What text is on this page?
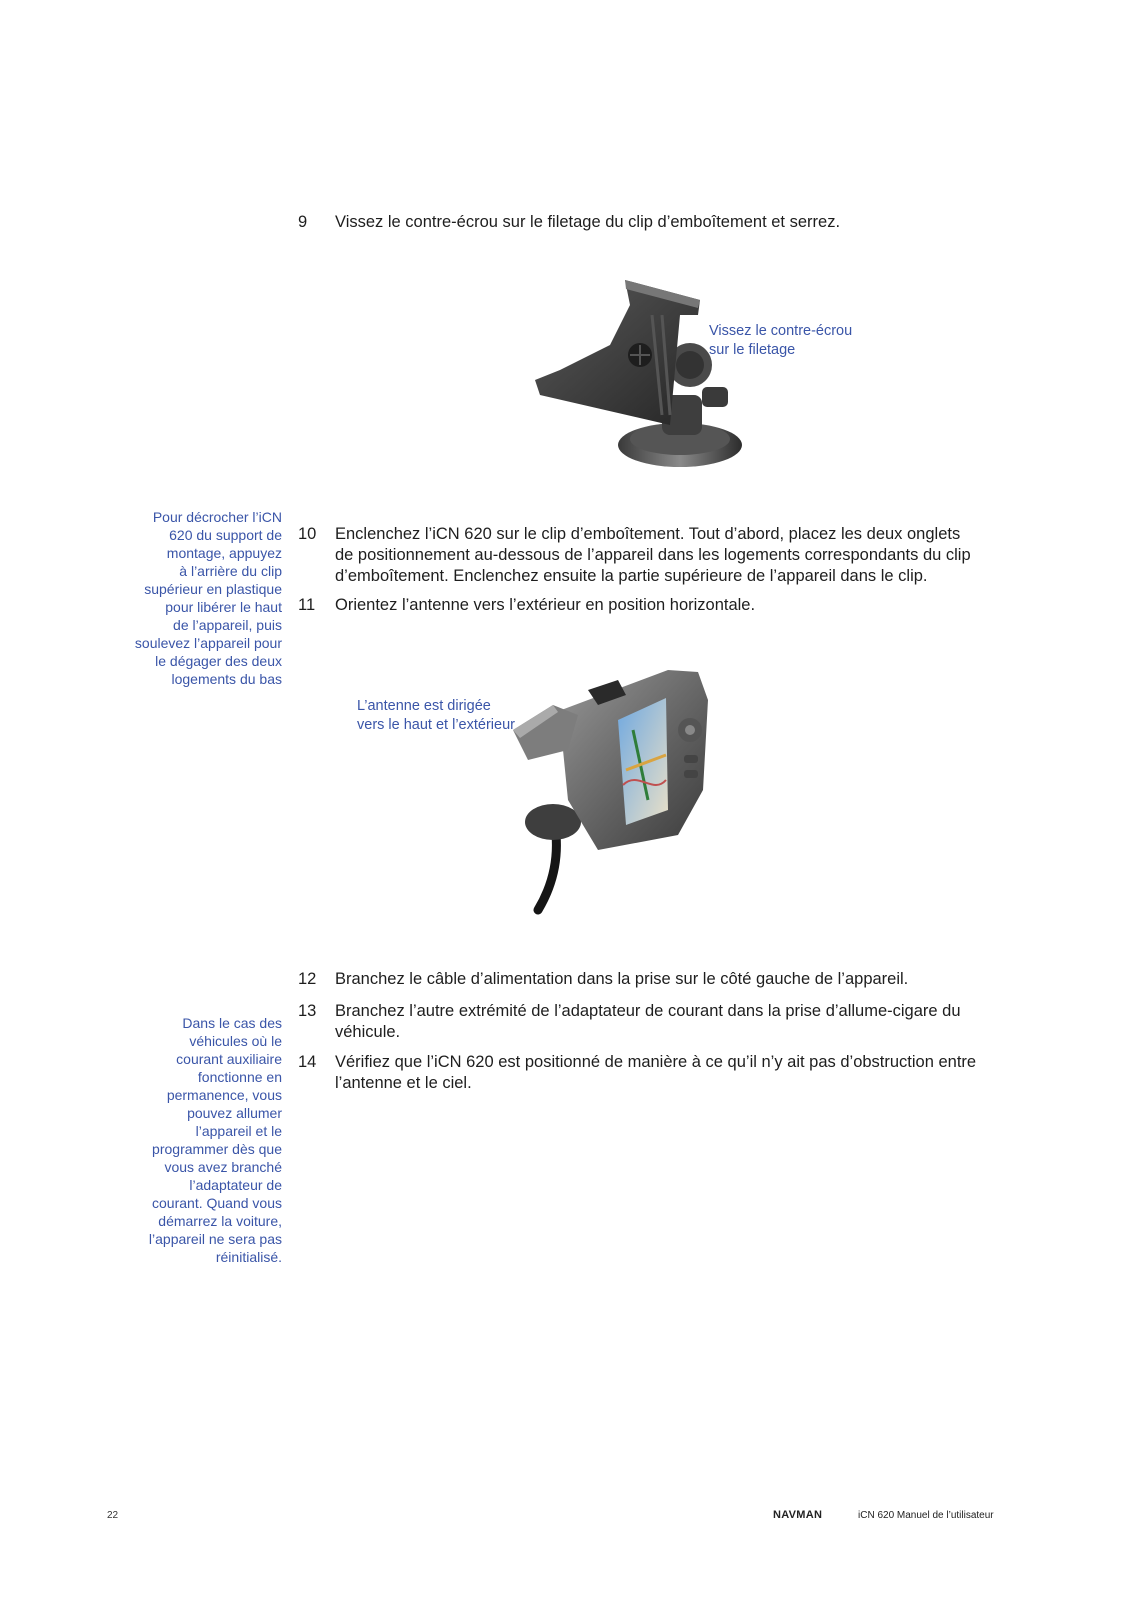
9	Vissez le contre-écrou sur le filetage du clip d’emboîtement et serrez.
Vissez le contre-écrou
sur le filetage
Pour décrocher l’iCN
620 du support de
montage, appuyez
à l’arrière du clip
supérieur en plastique
pour libérer le haut
de l’appareil, puis
soulevez l’appareil pour
le dégager des deux
logements du bas
10	Enclenchez l’iCN 620 sur le clip d’emboîtement. Tout d’abord, placez les deux onglets
de positionnement au-dessous de l’appareil dans les logements correspondants du clip
d’emboîtement. Enclenchez ensuite la partie supérieure de l’appareil dans le clip.
11	Orientez l’antenne vers l’extérieur en position horizontale.
L’antenne est dirigée
vers le haut et l’extérieur
12	Branchez le câble d’alimentation dans la prise sur le côté gauche de l’appareil.
13	Branchez l’autre extrémité de l’adaptateur de courant dans la prise d’allume-cigare du
véhicule.
Dans le cas des
véhicules où le
courant auxiliaire
fonctionne en
permanence, vous
pouvez allumer
l’appareil et le
programmer dès que
vous avez branché
l’adaptateur de
courant. Quand vous
démarrez la voiture,
l’appareil ne sera pas
réinitialisé.
14	Vérifiez que l’iCN 620 est positionné de manière à ce qu’il n’y ait pas d’obstruction entre
l’antenne et le ciel.
22	NAVMAN	iCN 620 Manuel de l’utilisateur
